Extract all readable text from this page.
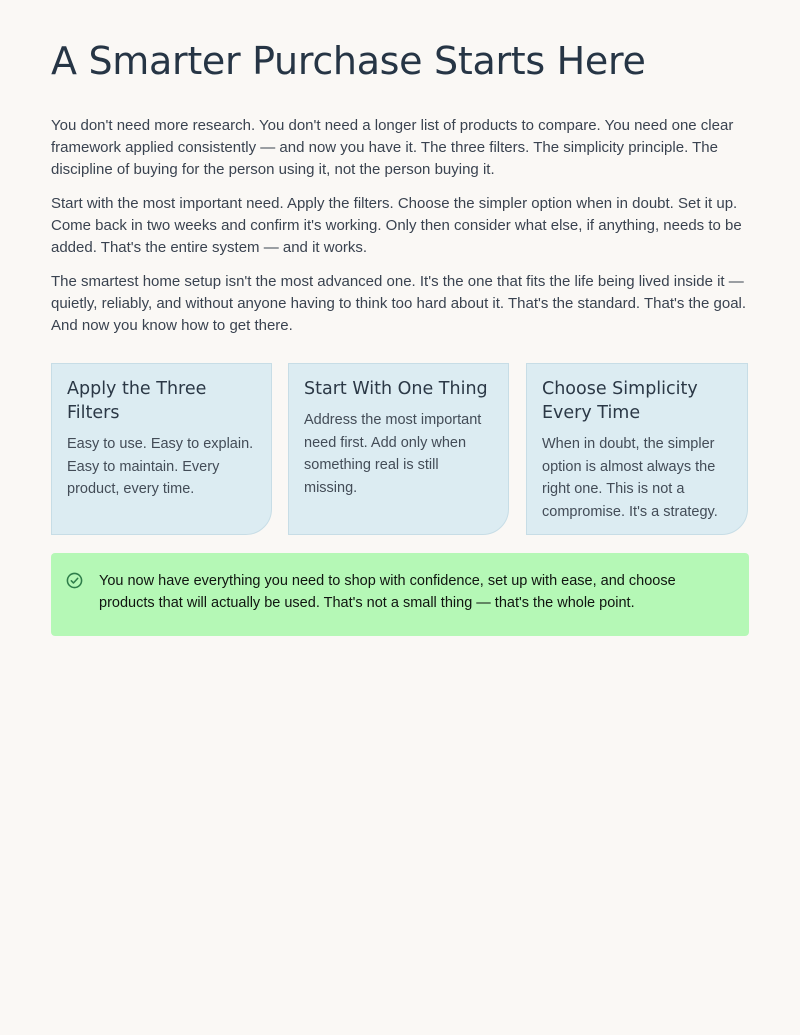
A Smarter Purchase Starts Here

You don't need more research. You don't need a longer list of products to compare. You need one clear framework applied consistently — and now you have it. The three filters. The simplicity principle. The discipline of buying for the person using it, not the person buying it.

Start with the most important need. Apply the filters. Choose the simpler option when in doubt. Set it up. Come back in two weeks and confirm it's working. Only then consider what else, if anything, needs to be added. That's the entire system — and it works.

The smartest home setup isn't the most advanced one. It's the one that fits the life being lived inside it — quietly, reliably, and without anyone having to think too hard about it. That's the standard. That's the goal. And now you know how to get there.

Apply the Three Filters

Easy to use. Easy to explain. Easy to maintain. Every product, every time.

Start With One Thing

Address the most important need first. Add only when something real is still missing.

Choose Simplicity Every Time

When in doubt, the simpler option is almost always the right one. This is not a compromise. It's a strategy.

You now have everything you need to shop with confidence, set up with ease, and choose products that will actually be used. That's not a small thing — that's the whole point.
